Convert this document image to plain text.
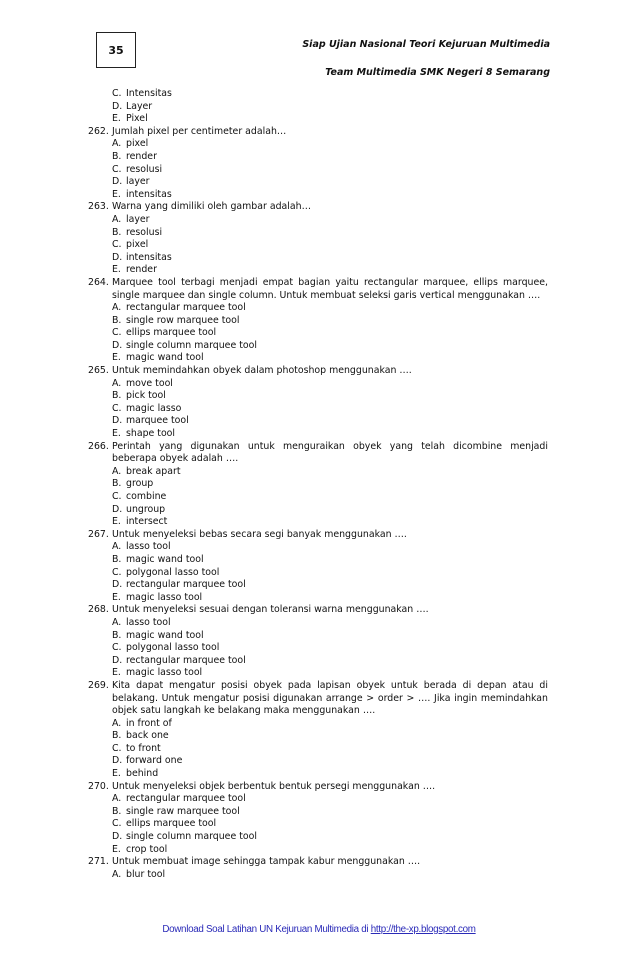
35	Siap Ujian Nasional Teori Kejuruan Multimedia
Team Multimedia SMK Negeri 8 Semarang
C. Intensitas
D. Layer
E. Pixel
262. Jumlah pixel per centimeter adalah…
A. pixel
B. render
C. resolusi
D. layer
E. intensitas
263. Warna yang dimiliki oleh gambar adalah…
A. layer
B. resolusi
C. pixel
D. intensitas
E. render
264. Marquee tool terbagi menjadi empat bagian yaitu rectangular marquee, ellips marquee, single marquee dan single column. Untuk membuat seleksi garis vertical menggunakan ….
A. rectangular marquee tool
B. single row marquee tool
C. ellips marquee tool
D. single column marquee tool
E. magic wand tool
265. Untuk memindahkan obyek dalam photoshop menggunakan ….
A. move tool
B. pick tool
C. magic lasso
D. marquee tool
E. shape tool
266. Perintah yang digunakan untuk menguraikan obyek yang telah dicombine menjadi beberapa obyek adalah ….
A. break apart
B. group
C. combine
D. ungroup
E. intersect
267. Untuk menyeleksi bebas secara segi banyak menggunakan ….
A. lasso tool
B. magic wand tool
C. polygonal lasso tool
D. rectangular marquee tool
E. magic lasso tool
268. Untuk menyeleksi sesuai dengan toleransi warna menggunakan ….
A. lasso tool
B. magic wand tool
C. polygonal lasso tool
D. rectangular marquee tool
E. magic lasso tool
269. Kita dapat mengatur posisi obyek pada lapisan obyek untuk berada di depan atau di belakang. Untuk mengatur posisi digunakan arrange > order > …. Jika ingin memindahkan objek satu langkah ke belakang maka menggunakan ….
A. in front of
B. back one
C. to front
D. forward one
E. behind
270. Untuk menyeleksi objek berbentuk bentuk persegi menggunakan ….
A. rectangular marquee tool
B. single raw marquee tool
C. ellips marquee tool
D. single column marquee tool
E. crop tool
271. Untuk membuat image sehingga tampak kabur menggunakan ….
A. blur tool
Download Soal Latihan UN Kejuruan Multimedia di http://the-xp.blogspot.com
